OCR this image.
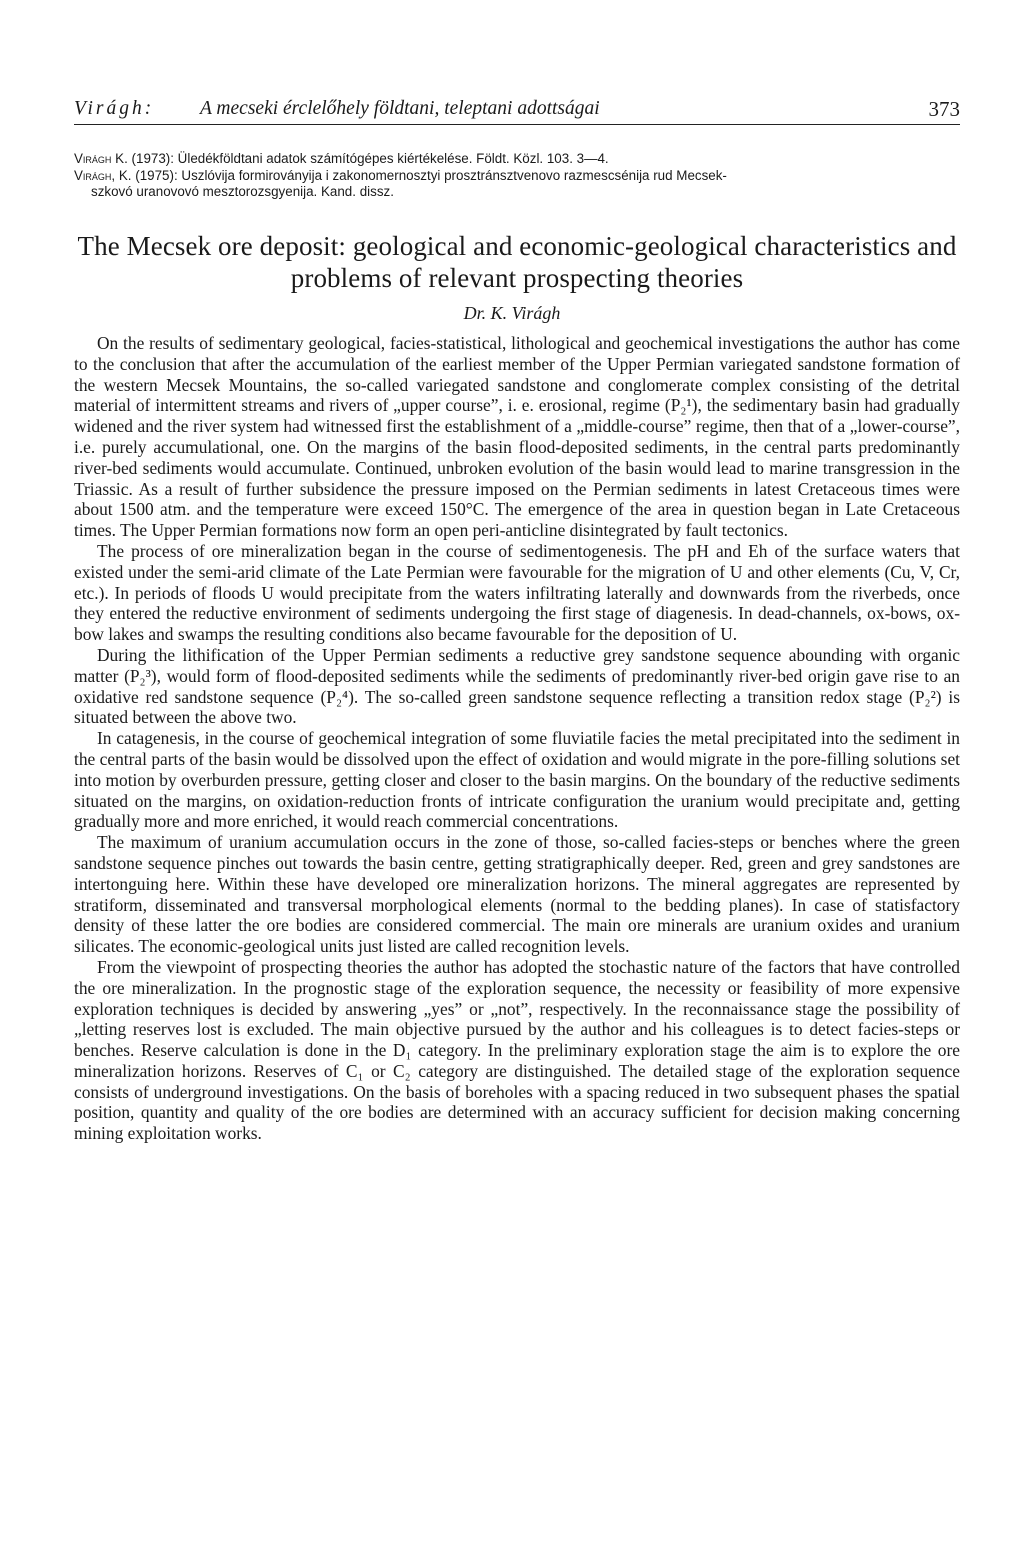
Virágh: A mecseki érclelőhely földtani, teleptani adottságai	373

Virágh K. (1973): Üledékföldtani adatok számítógépes kiértékelése. Földt. Közl. 103. 3—4.

Virágh, K. (1975): Uszlóvija formiroványija i zakonomernosztyi prosztránsztvenovo razmescsénija rud Mecsek-
szkovó uranovovó mesztorozsgyenija. Kand. dissz.

The Mecsek ore deposit: geological and economic-geological characteristics and problems of relevant prospecting theories
Dr. K. Virágh

On the results of sedimentary geological, facies-statistical, lithological and geochemical investigations the author has come to the conclusion that after the accumulation of the earliest member of the Upper Permian variegated sandstone formation of the western Mecsek Mountains, the so-called variegated sandstone and conglomerate complex consisting of the detrital material of intermittent streams and rivers of „upper course”, i. e. erosional, regime (P₂¹), the sedimentary basin had gradually widened and the river system had witnessed first the establishment of a „middle-course” regime, then that of a „lower-course”, i.e. purely accumulational, one. On the margins of the basin flood-deposited sediments, in the central parts predominantly river-bed sediments would accumulate. Continued, unbroken evolution of the basin would lead to marine transgression in the Triassic. As a result of further subsidence the pressure imposed on the Permian sediments in latest Cretaceous times were about 1500 atm. and the temperature were exceed 150°C. The emergence of the area in question began in Late Cretaceous times. The Upper Permian formations now form an open peri-anticline disintegrated by fault tectonics.

The process of ore mineralization began in the course of sedimentogenesis. The pH and Eh of the surface waters that existed under the semi-arid climate of the Late Permian were favourable for the migration of U and other elements (Cu, V, Cr, etc.). In periods of floods U would precipitate from the waters infiltrating laterally and downwards from the riverbeds, once they entered the reductive environment of sediments undergoing the first stage of diagenesis. In dead-channels, ox-bows, ox-bow lakes and swamps the resulting conditions also became favourable for the deposition of U.

During the lithification of the Upper Permian sediments a reductive grey sandstone sequence abounding with organic matter (P₂³), would form of flood-deposited sediments while the sediments of predominantly river-bed origin gave rise to an oxidative red sandstone sequence (P₂⁴). The so-called green sandstone sequence reflecting a transition redox stage (P₂²) is situated between the above two.

In catagenesis, in the course of geochemical integration of some fluviatile facies the metal precipitated into the sediment in the central parts of the basin would be dissolved upon the effect of oxidation and would migrate in the pore-filling solutions set into motion by overburden pressure, getting closer and closer to the basin margins. On the boundary of the reductive sediments situated on the margins, on oxidation-reduction fronts of intricate configuration the uranium would precipitate and, getting gradually more and more enriched, it would reach commercial concentrations.

The maximum of uranium accumulation occurs in the zone of those, so-called facies-steps or benches where the green sandstone sequence pinches out towards the basin centre, getting stratigraphically deeper. Red, green and grey sandstones are intertonguing here. Within these have developed ore mineralization horizons. The mineral aggregates are represented by stratiform, disseminated and transversal morphological elements (normal to the bedding planes). In case of statisfactory density of these latter the ore bodies are considered commercial. The main ore minerals are uranium oxides and uranium silicates. The economic-geological units just listed are called recognition levels.

From the viewpoint of prospecting theories the author has adopted the stochastic nature of the factors that have controlled the ore mineralization. In the prognostic stage of the exploration sequence, the necessity or feasibility of more expensive exploration techniques is decided by answering „yes” or „not”, respectively. In the reconnaissance stage the possibility of „letting reserves lost is excluded. The main objective pursued by the author and his colleagues is to detect facies-steps or benches. Reserve calculation is done in the D₁ category. In the preliminary exploration stage the aim is to explore the ore mineralization horizons. Reserves of C₁ or C₂ category are distinguished. The detailed stage of the exploration sequence consists of underground investigations. On the basis of boreholes with a spacing reduced in two subsequent phases the spatial position, quantity and quality of the ore bodies are determined with an accuracy sufficient for decision making concerning mining exploitation works.
